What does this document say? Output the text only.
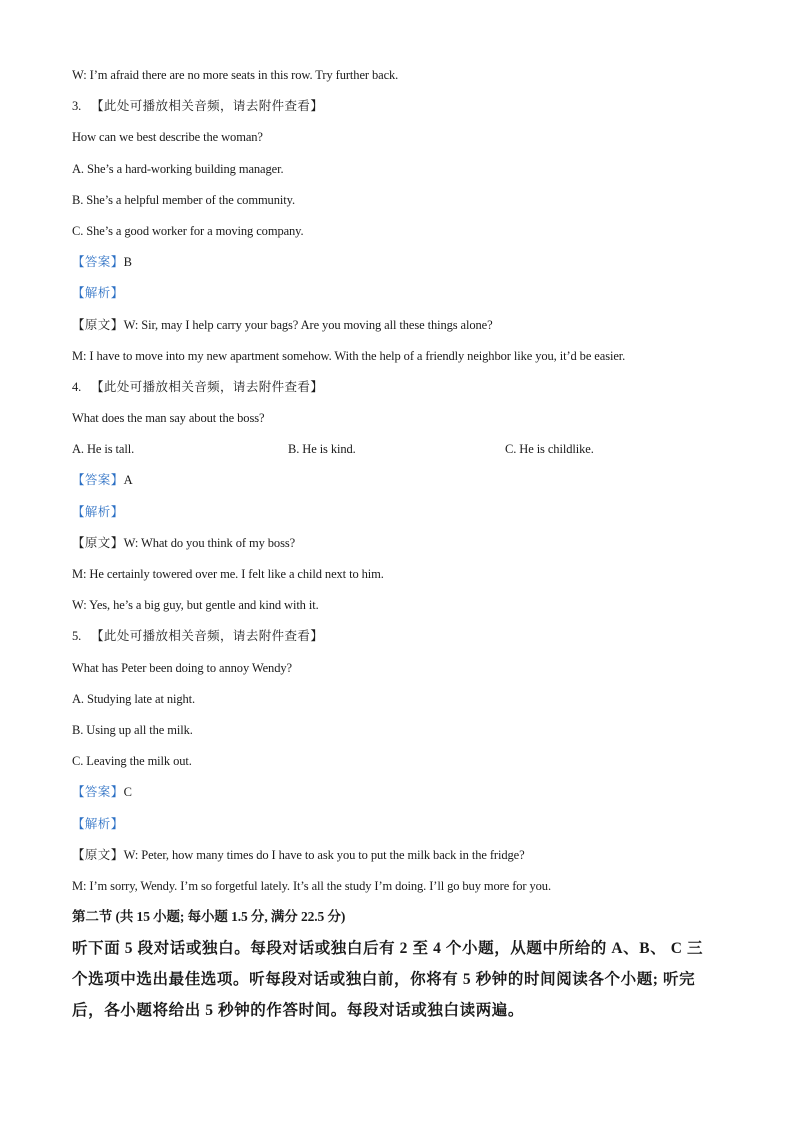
W: I’m afraid there are no more seats in this row. Try further back.
3. 【此处可播放相关音频，请去附件查看】
How can we best describe the woman?
A. She’s a hard-working building manager.
B. She’s a helpful member of the community.
C. She’s a good worker for a moving company.
【答案】B
【解析】
【原文】W: Sir, may I help carry your bags? Are you moving all these things alone?
M: I have to move into my new apartment somehow. With the help of a friendly neighbor like you, it’d be easier.
4. 【此处可播放相关音频，请去附件查看】
What does the man say about the boss?
A. He is tall.	B. He is kind.	C. He is childlike.
【答案】A
【解析】
【原文】W: What do you think of my boss?
M: He certainly towered over me. I felt like a child next to him.
W: Yes, he’s a big guy, but gentle and kind with it.
5. 【此处可播放相关音频，请去附件查看】
What has Peter been doing to annoy Wendy?
A. Studying late at night.
B. Using up all the milk.
C. Leaving the milk out.
【答案】C
【解析】
【原文】W: Peter, how many times do I have to ask you to put the milk back in the fridge?
M: I’m sorry, Wendy. I’m so forgetful lately. It’s all the study I’m doing. I’ll go buy more for you.
第二节 (共 15 小题; 每小题 1.5 分, 满分 22.5 分)
听下面 5 段对话或独白。每段对话或独白后有 2 至 4 个小题，从题中所给的 A、B、 C 三个选项中选出最佳选项。听每段对话或独白前，你将有 5 秒钟的时间阅读各个小题; 听完后，各小题将给出 5 秒钟的作答时间。每段对话或独白读两遍。
